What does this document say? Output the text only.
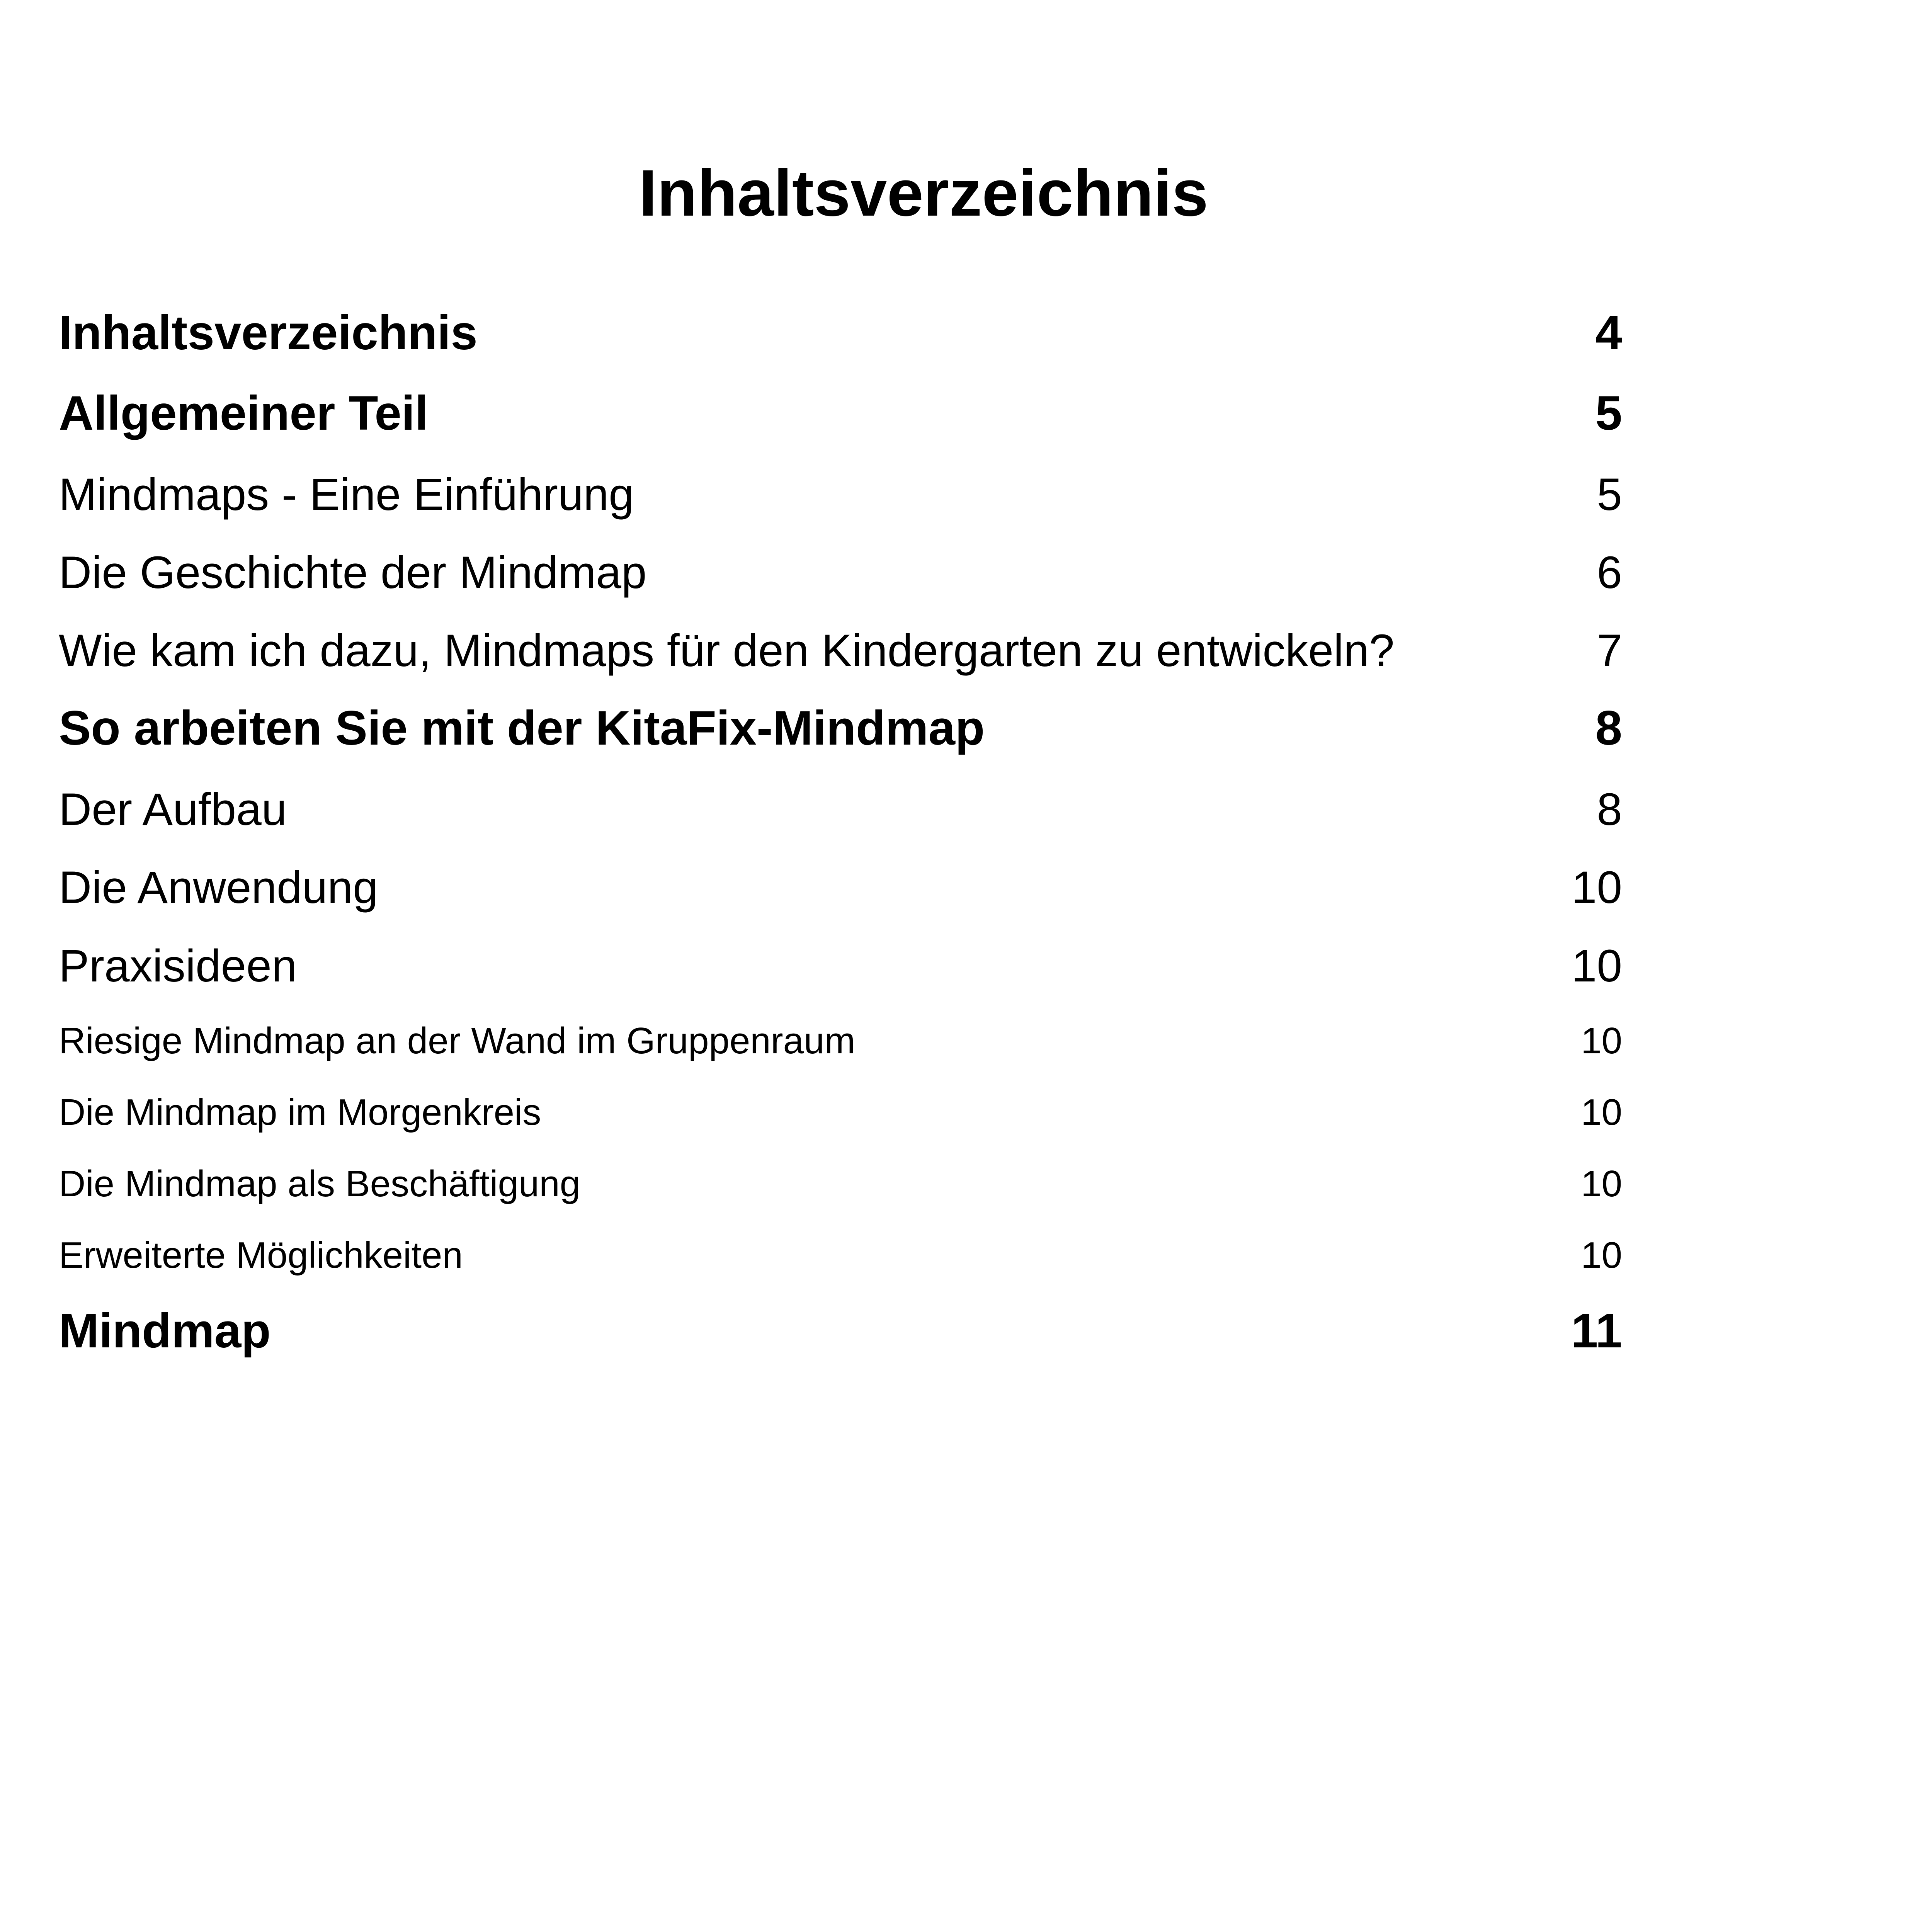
Inhaltsverzeichnis
Inhaltsverzeichnis	4
Allgemeiner Teil	5
Mindmaps - Eine Einführung	5
Die Geschichte der Mindmap	6
Wie kam ich dazu, Mindmaps für den Kindergarten zu entwickeln?	7
So arbeiten Sie mit der KitaFix-Mindmap	8
Der Aufbau	8
Die Anwendung	10
Praxisideen	10
Riesige Mindmap an der Wand im Gruppenraum	10
Die Mindmap im Morgenkreis	10
Die Mindmap als Beschäftigung	10
Erweiterte Möglichkeiten	10
Mindmap	11
